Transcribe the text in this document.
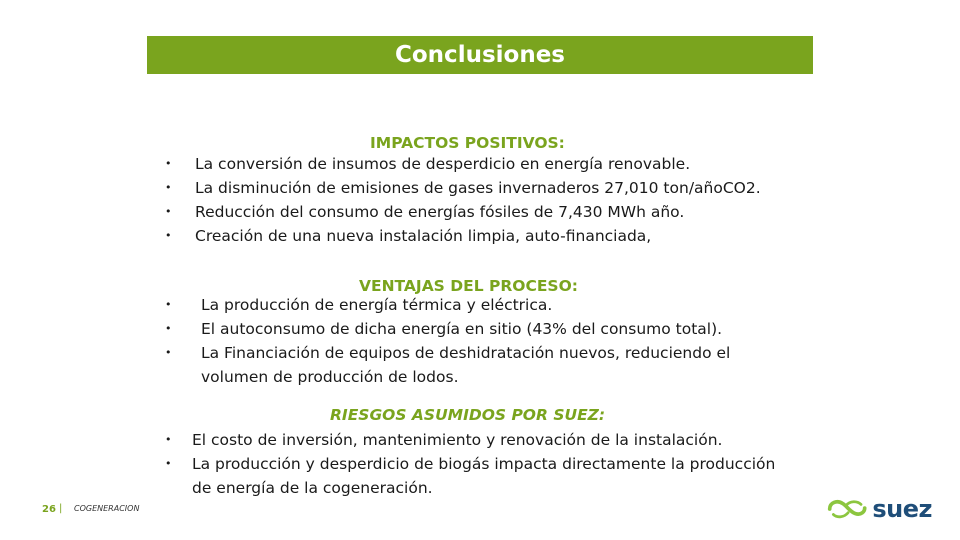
Conclusiones
IMPACTOS POSITIVOS:
• La conversión de insumos de desperdicio en energía renovable.
• La disminución de emisiones de gases invernaderos 27,010 ton/añoCO2.
• Reducción del consumo de energías fósiles de 7,430 MWh año.
• Creación de una nueva instalación limpia, auto-financiada,
VENTAJAS DEL PROCESO:
• La producción de energía térmica y eléctrica.
• El autoconsumo de dicha energía en sitio (43% del consumo total).
• La Financiación de equipos de deshidratación nuevos, reduciendo el
volumen de producción de lodos.
RIESGOS ASUMIDOS POR SUEZ:
• El costo de inversión, mantenimiento y renovación de la instalación.
• La producción y desperdicio de biogás impacta directamente la producción
de energía de la cogeneración.
26 | COGENERACION	suez
